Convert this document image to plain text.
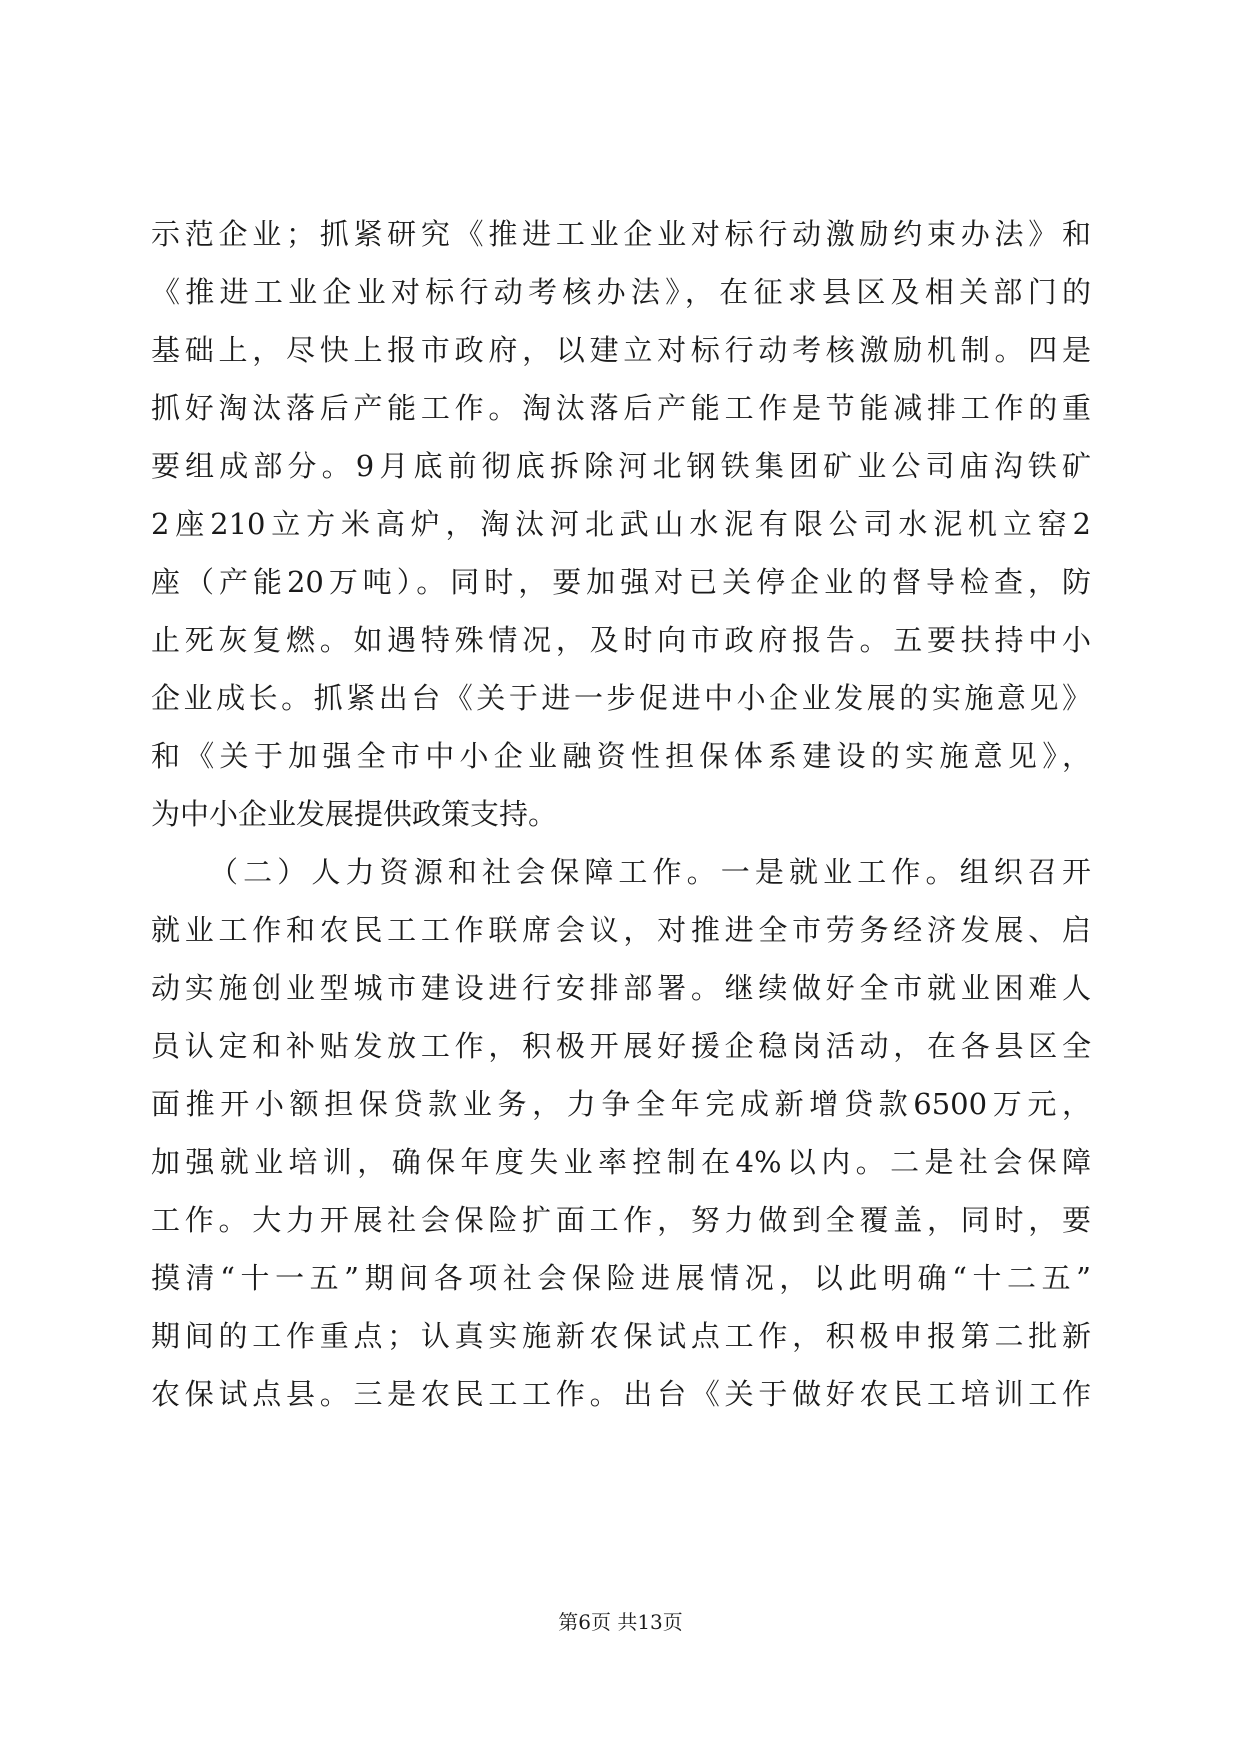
示范企业；抓紧研究《推进工业企业对标行动激励约束办法》和
《推进工业企业对标行动考核办法》，在征求县区及相关部门的
基础上，尽快上报市政府，以建立对标行动考核激励机制。四是
抓好淘汰落后产能工作。淘汰落后产能工作是节能减排工作的重
要组成部分。9月底前彻底拆除河北钢铁集团矿业公司庙沟铁矿
2座210立方米高炉，淘汰河北武山水泥有限公司水泥机立窑2
座（产能20万吨）。同时，要加强对已关停企业的督导检查，防
止死灰复燃。如遇特殊情况，及时向市政府报告。五要扶持中小
企业成长。抓紧出台《关于进一步促进中小企业发展的实施意见》
和《关于加强全市中小企业融资性担保体系建设的实施意见》，
为中小企业发展提供政策支持。
（二）人力资源和社会保障工作。一是就业工作。组织召开
就业工作和农民工工作联席会议，对推进全市劳务经济发展、启
动实施创业型城市建设进行安排部署。继续做好全市就业困难人
员认定和补贴发放工作，积极开展好援企稳岗活动，在各县区全
面推开小额担保贷款业务，力争全年完成新增贷款6500万元，
加强就业培训，确保年度失业率控制在4%以内。二是社会保障
工作。大力开展社会保险扩面工作，努力做到全覆盖，同时，要
摸清“十一五”期间各项社会保险进展情况，以此明确“十二五”
期间的工作重点；认真实施新农保试点工作，积极申报第二批新
农保试点县。三是农民工工作。出台《关于做好农民工培训工作
第6页 共13页
